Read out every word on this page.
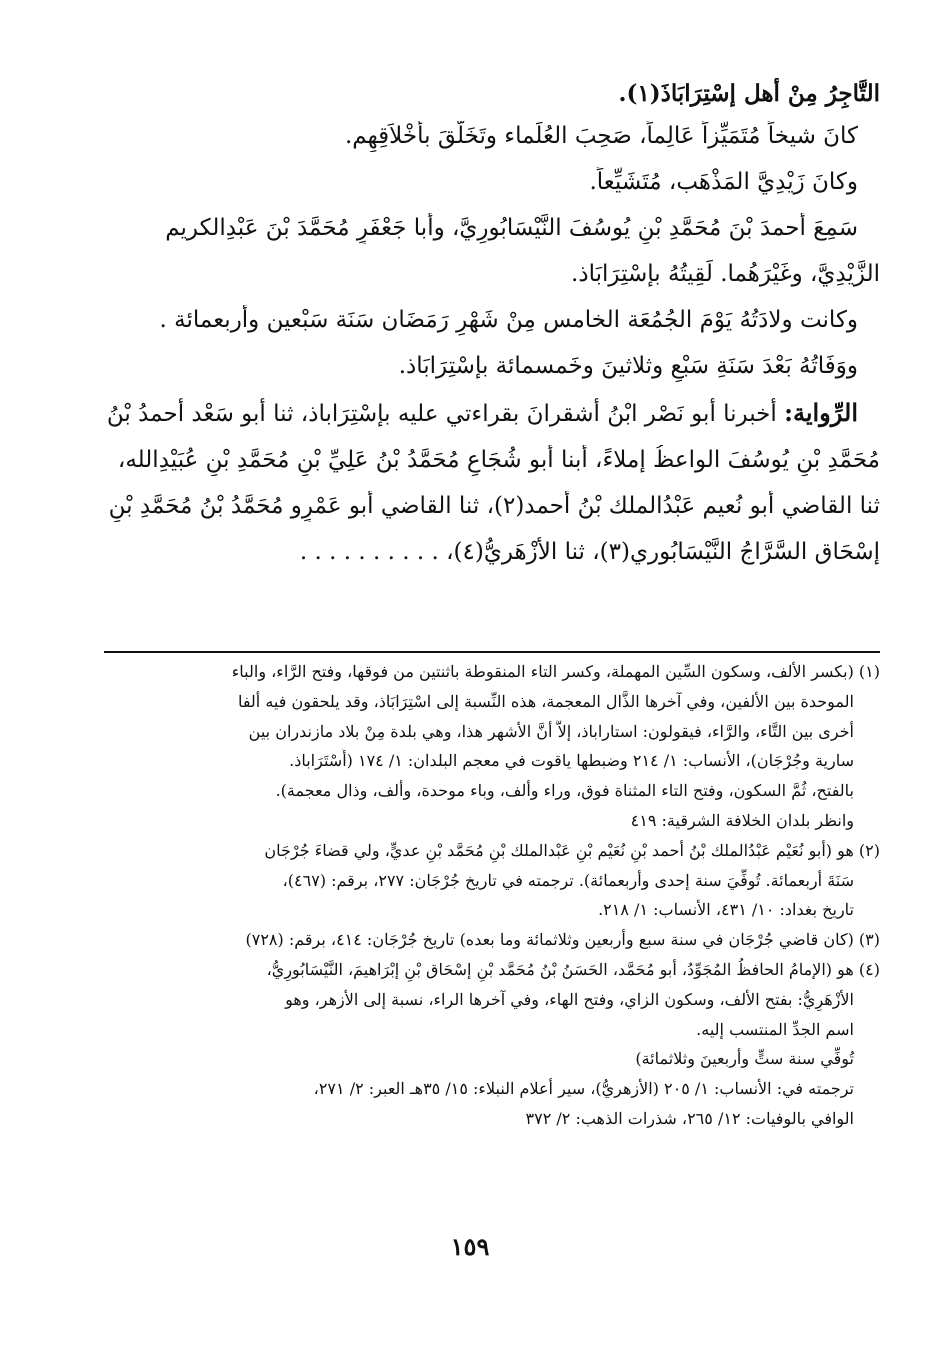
التَّاجِرُ مِنْ أهل إسْتِرَابَاذَ(١).
كانَ شيخاً مُتَمَيِّزاً عَالِماً، صَحِبَ العُلَماء وتَخَلَّقَ بأخْلاَقِهِم.
وكانَ زَيْدِيَّ المَذْهَب، مُتَشَيِّعاً.
سَمِعَ أحمدَ بْنَ مُحَمَّدِ بْنِ يُوسُفَ النَّيْسَابُورِيَّ، وأبا جَعْفَرٍ مُحَمَّدَ بْنَ عَبْدِالكريم
الزَّيْدِيَّ، وغَيْرَهُما. لَقِيتُهُ بإسْتِرَابَاذ.
وكانت ولادَتُهُ يَوْمَ الجُمُعَة الخامس مِنْ شَهْرِ رَمَضَان سَنَة سَبْعين وأربعمائة .
ووَفَاتُهُ بَعْدَ سَنَةِ سَبْعٍ وثلاثينَ وخَمسمائة بإسْتِرَابَاذ.
الرِّواية: أخبرنا أبو نَصْر ابْنُ أشقرانَ بقراءتي عليه بإسْتِرَاباذ، ثنا أبو سَعْد أحمدُ بْنُ
مُحَمَّدِ بْنِ يُوسُفَ الواعظُ إملاءً، أبنا أبو شُجَاعٍ مُحَمَّدُ بْنُ عَلِيِّ بْنِ مُحَمَّدِ بْنِ عُبَيْدِالله،
ثنا القاضي أبو نُعيم عَبْدُالملك بْنُ أحمد(٢)، ثنا القاضي أبو عَمْرٍو مُحَمَّدُ بْنُ مُحَمَّدِ بْنِ
إسْحَاق السَّرَّاجُ النَّيْسَابُوري(٣)، ثنا الأزْهَريُّ(٤)، . . . . . . . . . .
(١) (بكسر الألف، وسكون السِّين المهملة، وكسر التاء المنقوطة باثنتين من فوقها، وفتح الرَّاء، والباء
الموحدة بين الألفين، وفي آخرها الذَّال المعجمة، هذه النِّسبة إلى اسْتِرَابَاذ، وقد يلحقون فيه ألفا
أخرى بين التَّاء، والرَّاء، فيقولون: استاراباذ، إلاَّ أنَّ الأشهر هذا، وهي بلدة مِنْ بلاد مازندران بين
سارية وجُرْجَان)، الأنساب: ١/ ٢١٤ وضبطها ياقوت في معجم البلدان: ١/ ١٧٤ (أَسْتَرَاباذ.
بالفتح، ثُمَّ السكون، وفتح التاء المثناة فوق، وراء وألف، وباء موحدة، وألف، وذال معجمة).
وانظر بلدان الخلافة الشرقية: ٤١٩
(٢) هو (أبو نُعَيْم عَبْدُالملك بْنُ أحمد بْنِ نُعَيْم بْنِ عَبْدالملك بْنِ مُحَمَّد بْنِ عديٍّ، ولي قضاءَ جُرْجَان
سَنَةَ أربعمائة. تُوفِّيَ سنة إحدى وأربعمائة). ترجمته في تاريخ جُرْجَان: ٢٧٧، برقم: (٤٦٧)،
تاريخ بغداد: ١٠/ ٤٣١، الأنساب: ١/ ٢١٨.
(٣) (كان قاضي جُرْجَان في سنة سبع وأربعين وثلاثمائة وما بعده) تاريخ جُرْجَان: ٤١٤، برقم: (٧٢٨)
(٤) هو (الإمامُ الحافظُ المُجَوِّدُ، أبو مُحَمَّد، الحَسَنُ بْنُ مُحَمَّد بْنِ إسْحَاق بْنِ إبْرَاهيمَ، النَّيْسَابُورِيُّ،
الأزْهَرِيُّ: بفتح الألف، وسكون الزاي، وفتح الهاء، وفي آخرها الراء، نسبة إلى الأزهر، وهو
اسم الجدِّ المنتسب إليه.
تُوفِّي سنة ستٍّ وأربعينَ وثلاثمائة)
ترجمته في: الأنساب: ١/ ٢٠٥ (الأزهريُّ)، سير أعلام النبلاء: ١٥/ ٣٥هـ العبر: ٢/ ٢٧١،
الوافي بالوفيات: ١٢/ ٢٦٥، شذرات الذهب: ٢/ ٣٧٢
١٥٩
